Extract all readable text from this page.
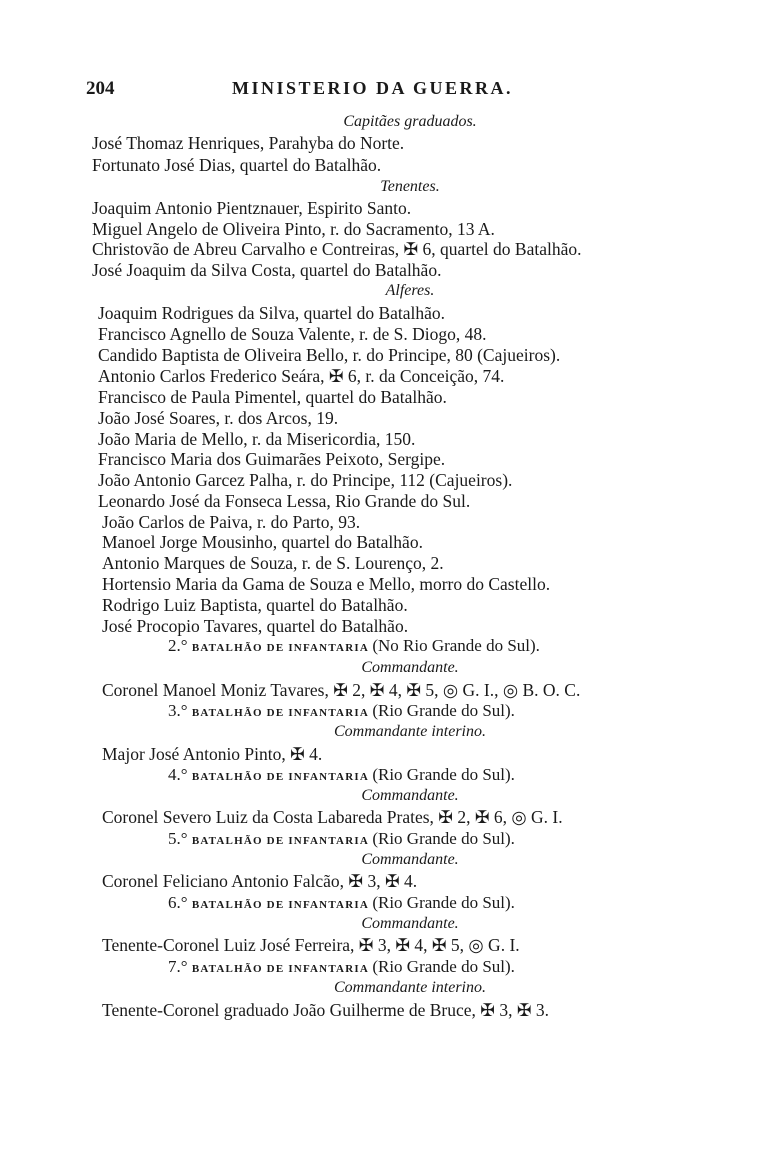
204	MINISTERIO DA GUERRA.
Capitães graduados.
José Thomaz Henriques, Parahyba do Norte.
Fortunato José Dias, quartel do Batalhão.
Tenentes.
Joaquim Antonio Pientznauer, Espirito Santo.
Miguel Angelo de Oliveira Pinto, r. do Sacramento, 13 A.
Christovão de Abreu Carvalho e Contreiras, ✠ 6, quartel do Batalhão.
José Joaquim da Silva Costa, quartel do Batalhão.
Alferes.
Joaquim Rodrigues da Silva, quartel do Batalhão.
Francisco Agnello de Souza Valente, r. de S. Diogo, 48.
Candido Baptista de Oliveira Bello, r. do Principe, 80 (Cajueiros).
Antonio Carlos Frederico Seára, ✠ 6, r. da Conceição, 74.
Francisco de Paula Pimentel, quartel do Batalhão.
João José Soares, r. dos Arcos, 19.
João Maria de Mello, r. da Misericordia, 150.
Francisco Maria dos Guimarães Peixoto, Sergipe.
João Antonio Garcez Palha, r. do Principe, 112 (Cajueiros).
Leonardo José da Fonseca Lessa, Rio Grande do Sul.
João Carlos de Paiva, r. do Parto, 93.
Manoel Jorge Mousinho, quartel do Batalhão.
Antonio Marques de Souza, r. de S. Lourenço, 2.
Hortensio Maria da Gama de Souza e Mello, morro do Castello.
Rodrigo Luiz Baptista, quartel do Batalhão.
José Procopio Tavares, quartel do Batalhão.
2.° BATALHÃO DE INFANTARIA (No Rio Grande do Sul).
Commandante.
Coronel Manoel Moniz Tavares, ✠ 2, ✠ 4, ✠ 5, ◎ G. I., ◎ B. O. C.
3.° BATALHÃO DE INFANTARIA (Rio Grande do Sul).
Commandante interino.
Major José Antonio Pinto, ✠ 4.
4.° BATALHÃO DE INFANTARIA (Rio Grande do Sul).
Commandante.
Coronel Severo Luiz da Costa Labareda Prates, ✠ 2, ✠ 6, ◎ G. I.
5.° BATALHÃO DE INFANTARIA (Rio Grande do Sul).
Commandante.
Coronel Feliciano Antonio Falcão, ✠ 3, ✠ 4.
6.° BATALHÃO DE INFANTARIA (Rio Grande do Sul).
Commandante.
Tenente-Coronel Luiz José Ferreira, ✠ 3, ✠ 4, ✠ 5, ◎ G. I.
7.° BATALHÃO DE INFANTARIA (Rio Grande do Sul).
Commandante interino.
Tenente-Coronel graduado João Guilherme de Bruce, ✠ 3, ✠ 3.
